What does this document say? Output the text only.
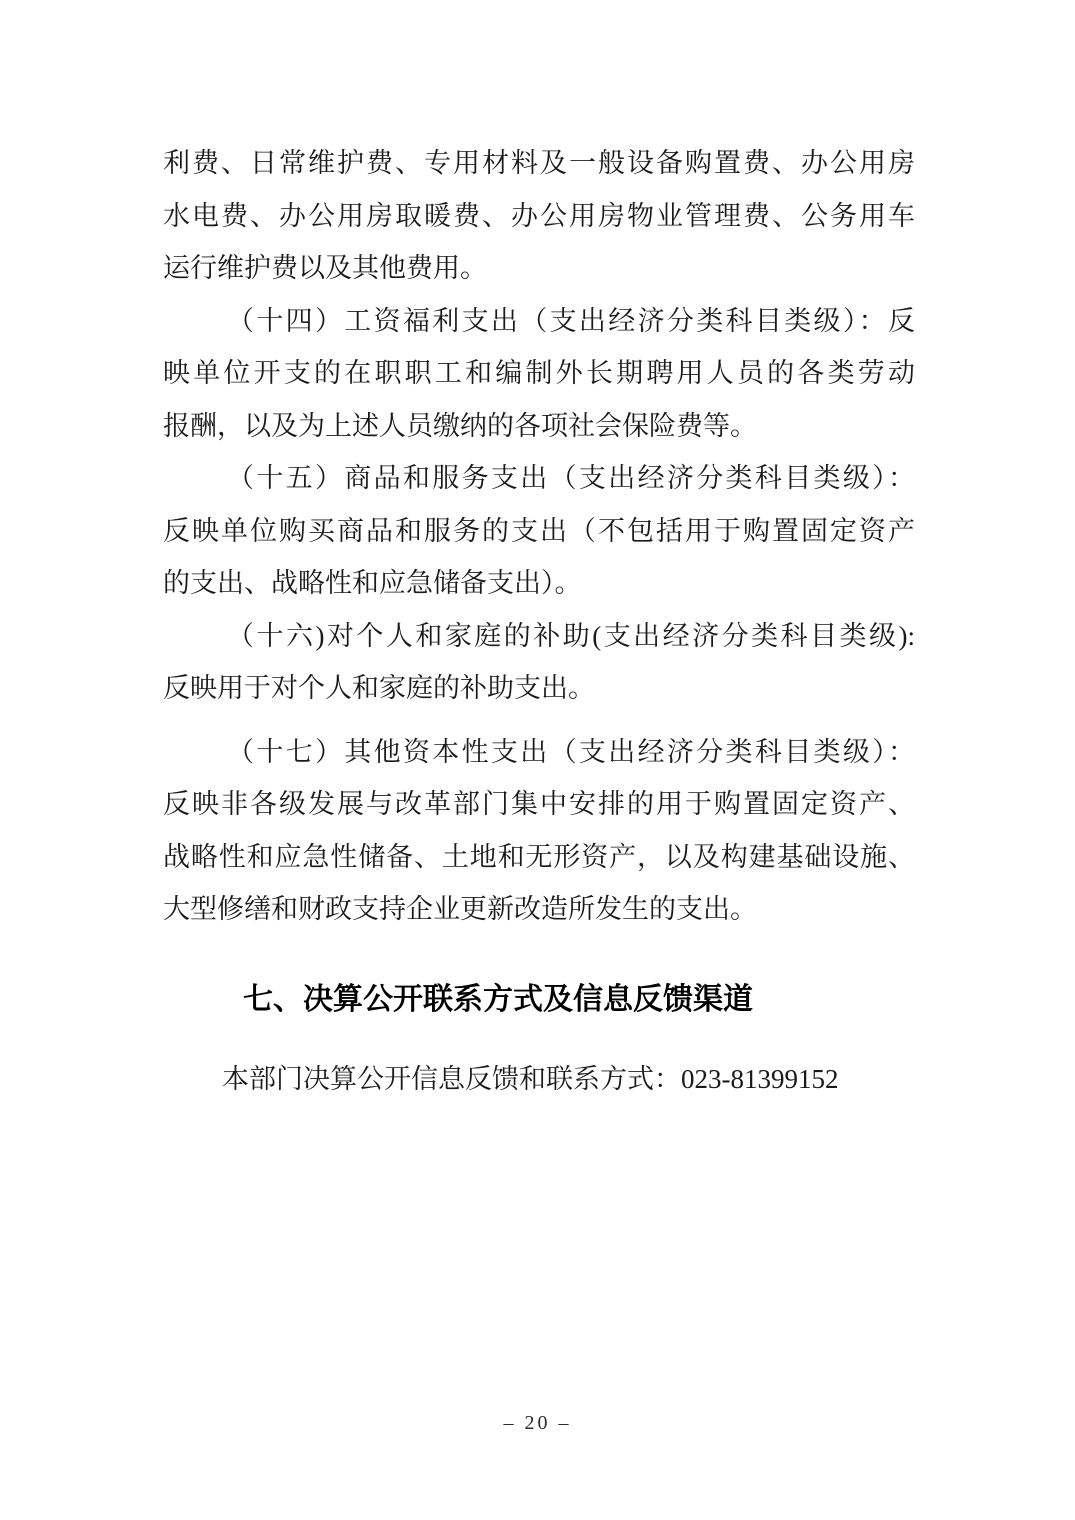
利费、日常维护费、专用材料及一般设备购置费、办公用房
水电费、办公用房取暖费、办公用房物业管理费、公务用车
运行维护费以及其他费用。
（十四）工资福利支出（支出经济分类科目类级）：反
映单位开支的在职职工和编制外长期聘用人员的各类劳动
报酬，以及为上述人员缴纳的各项社会保险费等。
（十五）商品和服务支出（支出经济分类科目类级）：
反映单位购买商品和服务的支出（不包括用于购置固定资产
的支出、战略性和应急储备支出）。
（十六)对个人和家庭的补助(支出经济分类科目类级):
反映用于对个人和家庭的补助支出。
（十七）其他资本性支出（支出经济分类科目类级）：
反映非各级发展与改革部门集中安排的用于购置固定资产、
战略性和应急性储备、土地和无形资产，以及构建基础设施、
大型修缮和财政支持企业更新改造所发生的支出。
七、决算公开联系方式及信息反馈渠道
本部门决算公开信息反馈和联系方式：023-81399152
– 20 –
